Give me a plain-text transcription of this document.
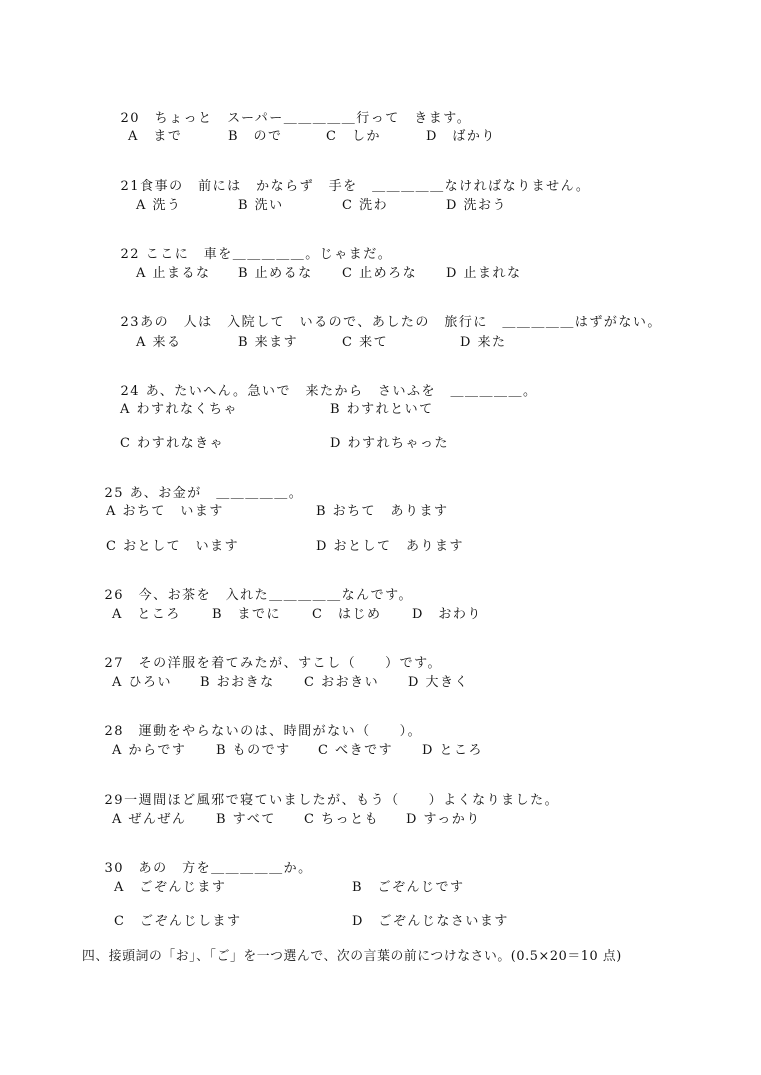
20　 ちょっと　スーパー＿＿＿＿＿行って　きます。

A　まで	B　ので	C　しか	D　ばかり

21食事の　前には　かならず　手を　＿＿＿＿＿なければなりません。

A 洗う	B 洗い	C 洗わ	D 洗おう

22 ここに　車を＿＿＿＿＿。じゃまだ。

A 止まるな B 止めるな C 止めろな D 止まれな

23あの　人は　入院して　いるので、あしたの　旅行に　＿＿＿＿＿はずがない。

A 来る	B 来ます	C 来て	D 来た

24 あ、たいへん。急いで　来たから　さいふを　＿＿＿＿＿。

A わすれなくちゃ	B わすれといて
C わすれなきゃ	D わすれちゃった

25 あ、お金が　＿＿＿＿＿。

A おちて　います	B おちて　あります
C おとして　います	D おとして　あります

26　 今、お茶を　入れた＿＿＿＿＿なんです。

A　ところ B　までに C　はじめ D　おわり

27　 その洋服を着てみたが、すこし（　　）です。

A ひろい B おおきな C おおきい D 大きく

28　 運動をやらないのは、時間がない（　　）。

A からです B ものです C べきです D ところ

29一週間ほど風邪で寝ていましたが、もう（　　）よくなりました。

A ぜんぜん B すべて C ちっとも D すっかり

30　 あの　方を＿＿＿＿＿か。

A　ごぞんじます	B　ごぞんじです
C　ごぞんじします	D　ごぞんじなさいます
四、接頭詞の「お」、「ご」を一つ選んで、次の言葉の前につけなさい。(0.5×20＝10 点)
